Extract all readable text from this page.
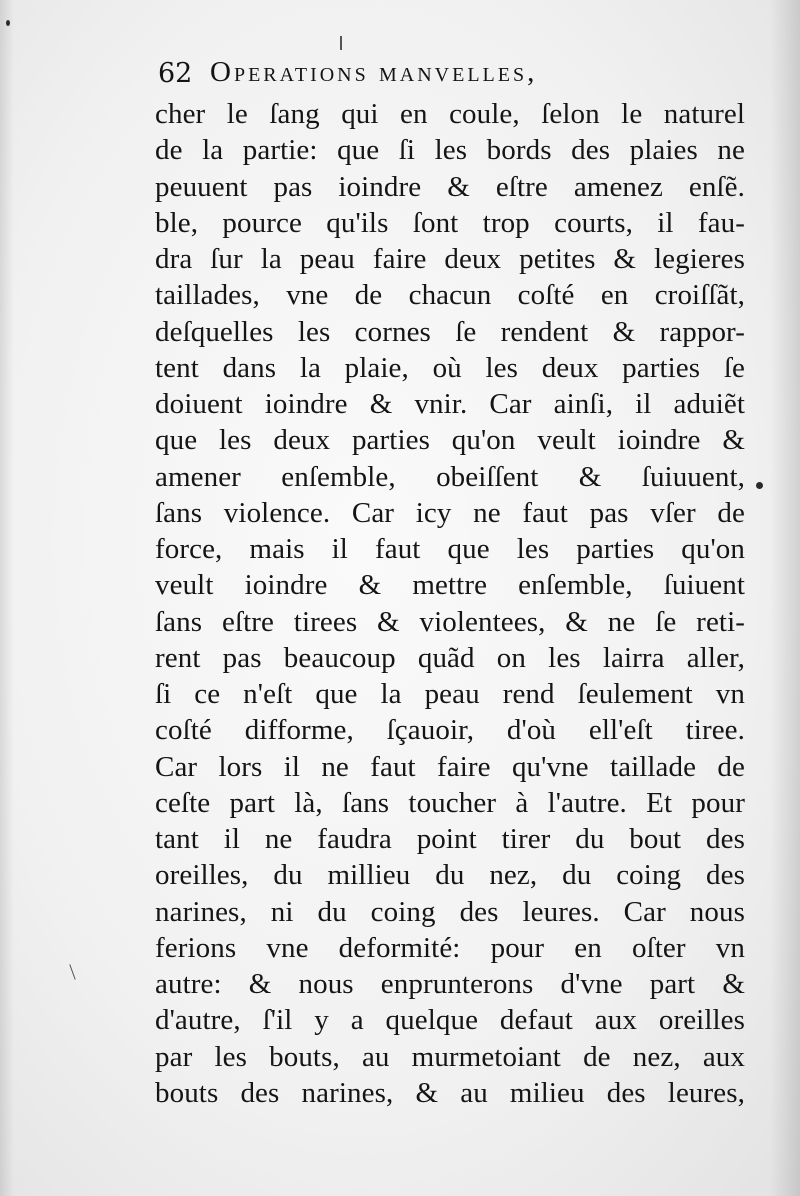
62 Operations manvelles,
cher le ſang qui en coule, ſelon le naturel
de la partie: que ſi les bords des plaies ne
peuuent pas ioindre & eſtre amenez enſẽ.
ble, pource qu'ils ſont trop courts, il fau-
dra ſur la peau faire deux petites & legieres
taillades, vne de chacun coſté en croiſſãt,
deſquelles les cornes ſe rendent & rappor-
tent dans la plaie, où les deux parties ſe
doiuent ioindre & vnir. Car ainſi, il aduiẽt
que les deux parties qu'on veult ioindre &
amener enſemble, obeiſſent & ſuiuuent,
ſans violence. Car icy ne faut pas vſer de
force, mais il faut que les parties qu'on
veult ioindre & mettre enſemble, ſuiuent
ſans eſtre tirees & violentees, & ne ſe reti-
rent pas beaucoup quãd on les lairra aller,
ſi ce n'eſt que la peau rend ſeulement vn
coſté difforme, ſçauoir, d'où ell'eſt tiree.
Car lors il ne faut faire qu'vne taillade de
ceſte part là, ſans toucher à l'autre. Et pour
tant il ne faudra point tirer du bout des
oreilles, du millieu du nez, du coing des
narines, ni du coing des leures. Car nous
ferions vne deformité: pour en oſter vn
autre: & nous enprunterons d'vne part &
d'autre, ſ'il y a quelque defaut aux oreilles
par les bouts, au murmetoiant de nez, aux
bouts des narines, & au milieu des leures,
